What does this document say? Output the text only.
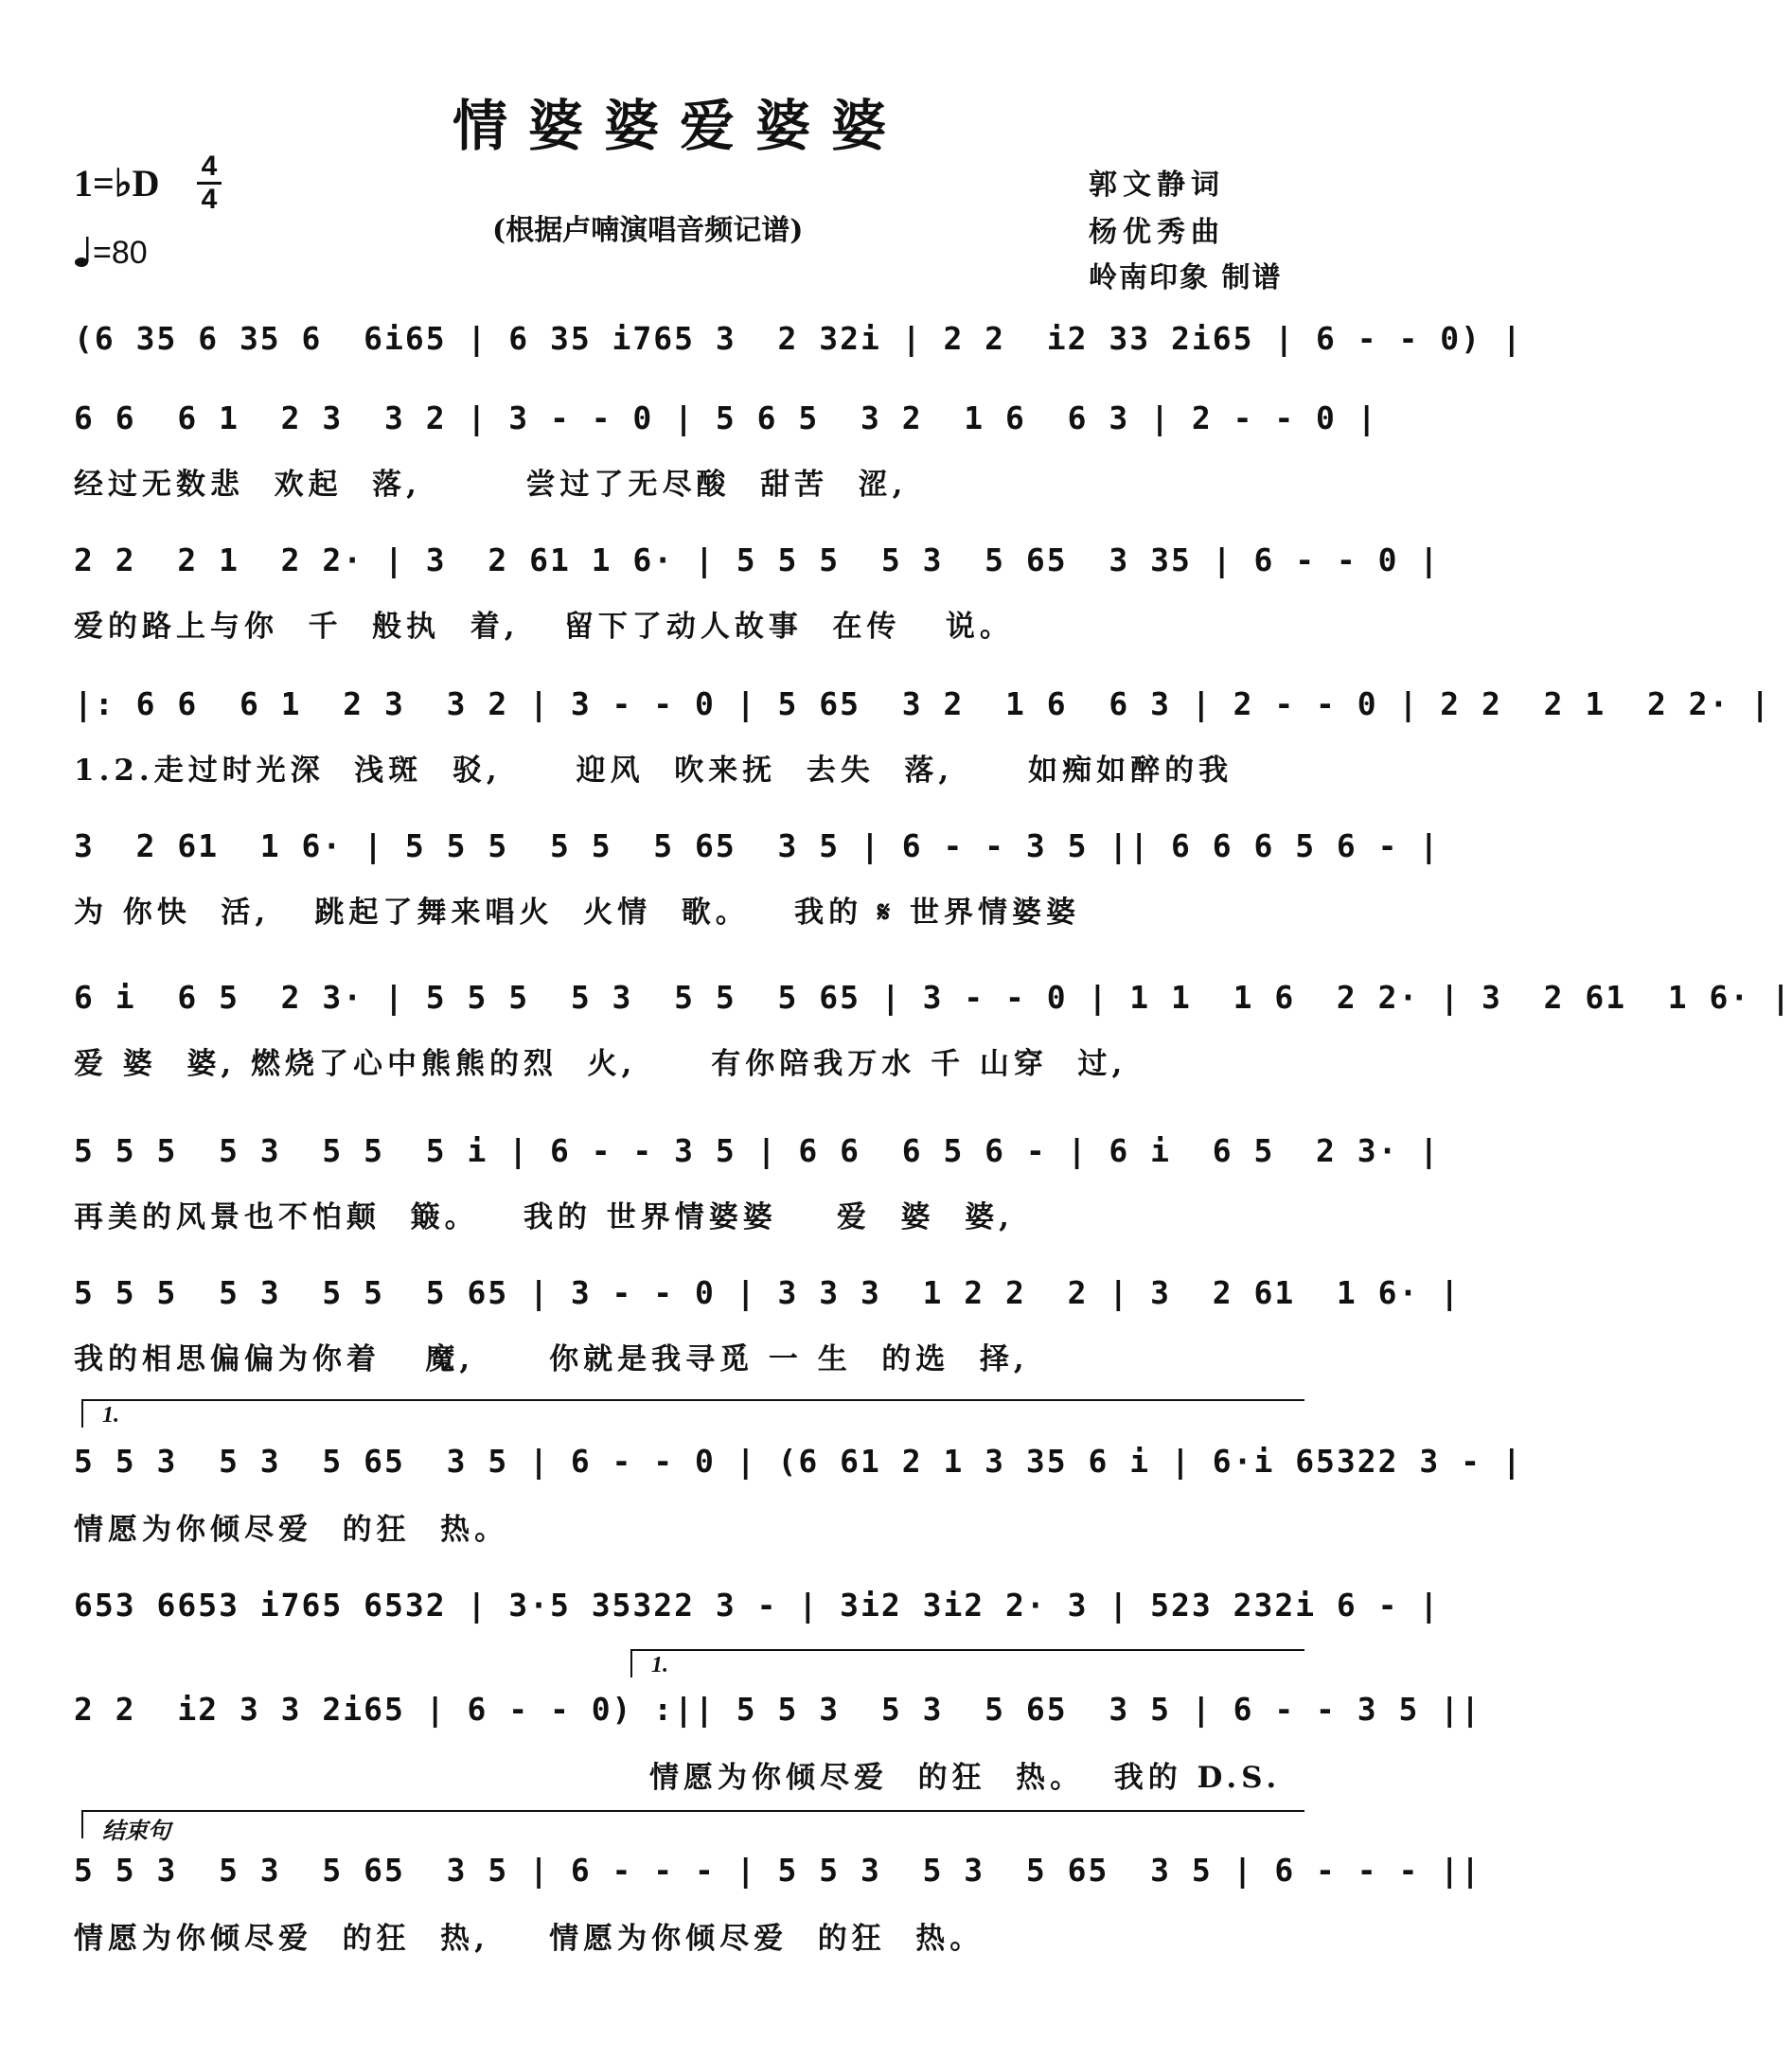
情婆婆爱婆婆
1=♭D 4
4
=80
(根据卢喃演唱音频记谱)
郭文静词
杨优秀曲
岭南印象 制谱
(6 35 6 35 6  6i65 | 6 35 i765 3  2 32i | 2 2  i2 33 2i65 | 6 - - 0) |
6 6  6 1  2 3  3 2 | 3 - - 0 | 5 6 5  3 2  1 6  6 3 | 2 - - 0 |
经过无数悲  欢起  落,       尝过了无尽酸  甜苦  涩,
2 2  2 1  2 2· | 3  2 61 1 6· | 5 5 5  5 3  5 65  3 35 | 6 - - 0 |
爱的路上与你  千  般执  着,   留下了动人故事  在传   说。
|: 6 6  6 1  2 3  3 2 | 3 - - 0 | 5 65  3 2  1 6  6 3 | 2 - - 0 | 2 2  2 1  2 2· |
1.2.走过时光深  浅斑  驳,     迎风  吹来抚  去失  落,     如痴如醉的我
3  2 61  1 6· | 5 5 5  5 5  5 65  3 5 | 6 - - 3 5 || 6 6 6 5 6 - |
为 你快  活,   跳起了舞来唱火  火情  歌。   我的 𝄋 世界情婆婆
6 i  6 5  2 3· | 5 5 5  5 3  5 5  5 65 | 3 - - 0 | 1 1  1 6  2 2· | 3  2 61  1 6· |
爱 婆  婆, 燃烧了心中熊熊的烈  火,     有你陪我万水 千 山穿  过,
5 5 5  5 3  5 5  5 i | 6 - - 3 5 | 6 6  6 5 6 - | 6 i  6 5  2 3· |
再美的风景也不怕颠  簸。   我的 世界情婆婆    爱  婆  婆,
5 5 5  5 3  5 5  5 65 | 3 - - 0 | 3 3 3  1 2 2  2 | 3  2 61  1 6· |
我的相思偏偏为你着   魔,     你就是我寻觅 一 生  的选  择,
1.
5 5 3  5 3  5 65  3 5 | 6 - - 0 | (6 61 2 1 3 35 6 i | 6·i 65322 3 - |
情愿为你倾尽爱  的狂  热。
653 6653 i765 6532 | 3·5 35322 3 - | 3i2 3i2 2· 3 | 523 232i 6 - |
1.
2 2  i2 3 3 2i65 | 6 - - 0) :|| 5 5 3  5 3  5 65  3 5 | 6 - - 3 5 ||
情愿为你倾尽爱  的狂  热。  我的 D.S.
结束句
5 5 3  5 3  5 65  3 5 | 6 - - - | 5 5 3  5 3  5 65  3 5 | 6 - - - ||
情愿为你倾尽爱  的狂  热,    情愿为你倾尽爱  的狂  热。
